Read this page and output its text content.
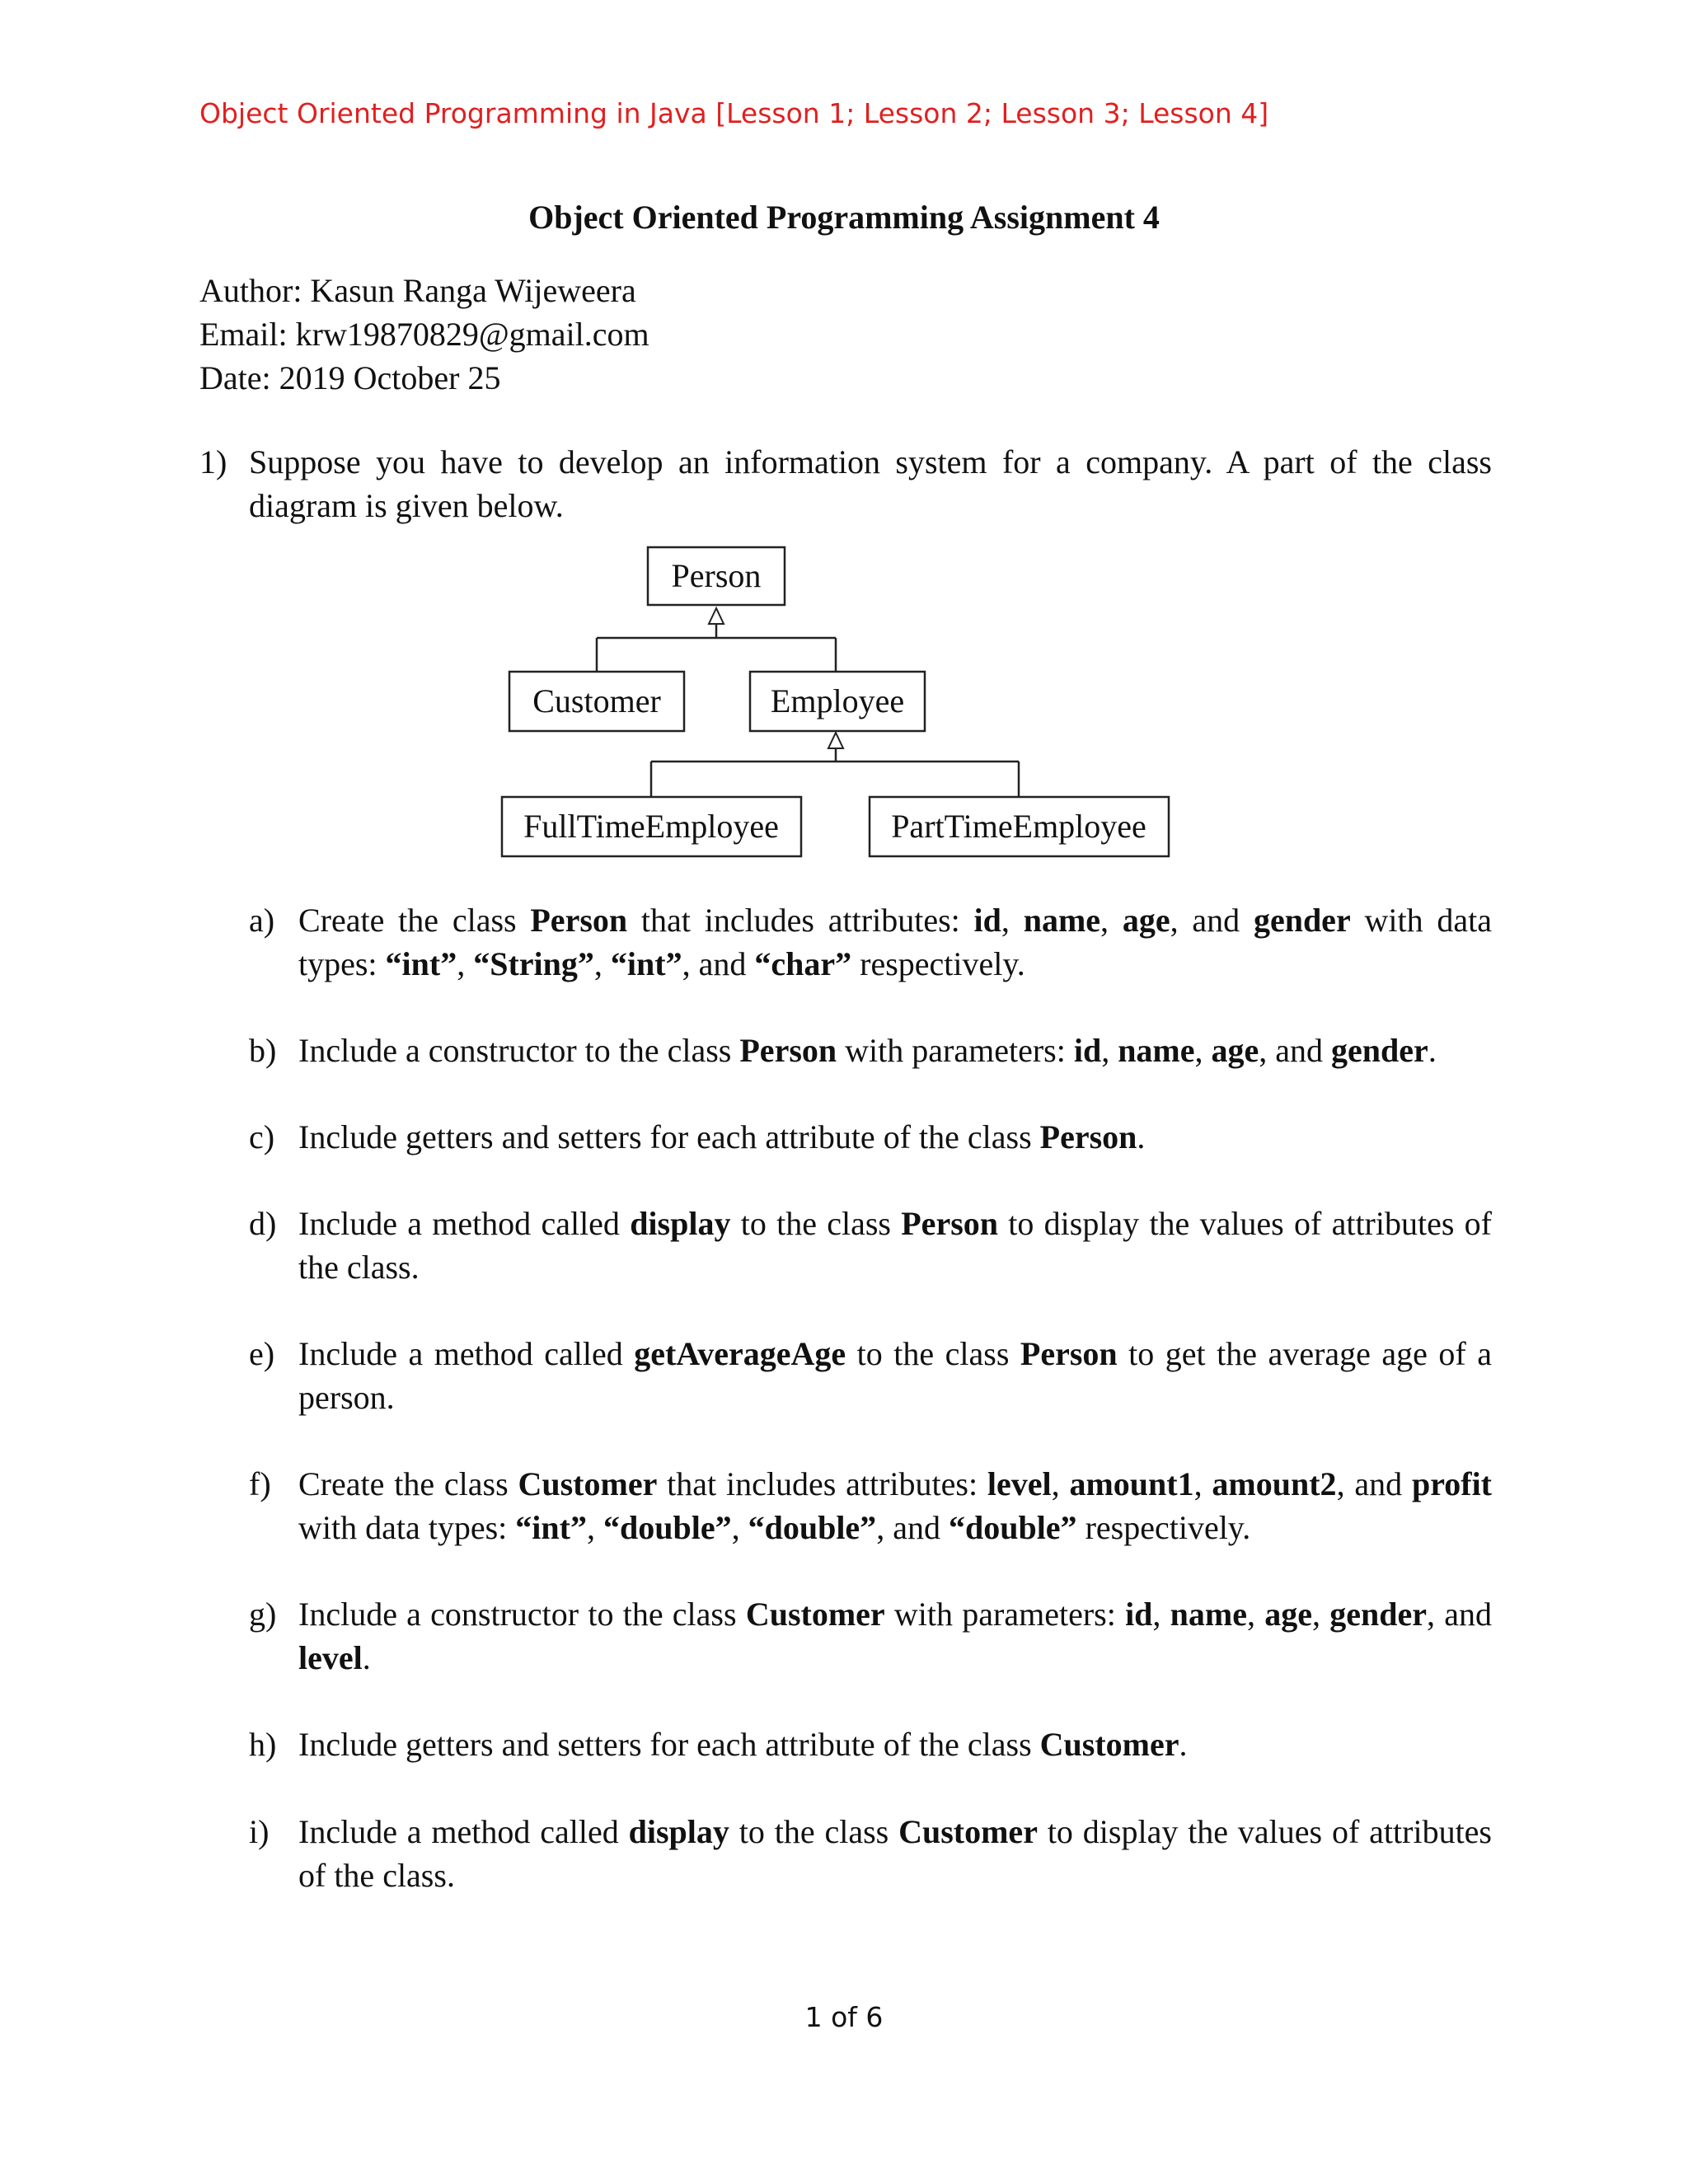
Object Oriented Programming in Java [Lesson 1; Lesson 2; Lesson 3; Lesson 4]
Object Oriented Programming Assignment 4
Author: Kasun Ranga Wijeweera
Email: krw19870829@gmail.com
Date: 2019 October 25
1) Suppose you have to develop an information system for a company. A part of the class diagram is given below.
Person
Customer	Employee
FullTimeEmployee	PartTimeEmployee
a) Create the class Person that includes attributes: id, name, age, and gender with data types: “int”, “String”, “int”, and “char” respectively.
b) Include a constructor to the class Person with parameters: id, name, age, and gender.
c) Include getters and setters for each attribute of the class Person.
d) Include a method called display to the class Person to display the values of attributes of the class.
e) Include a method called getAverageAge to the class Person to get the average age of a person.
f) Create the class Customer that includes attributes: level, amount1, amount2, and profit with data types: “int”, “double”, “double”, and “double” respectively.
g) Include a constructor to the class Customer with parameters: id, name, age, gender, and level.
h) Include getters and setters for each attribute of the class Customer.
i) Include a method called display to the class Customer to display the values of attributes of the class.
1 of 6
